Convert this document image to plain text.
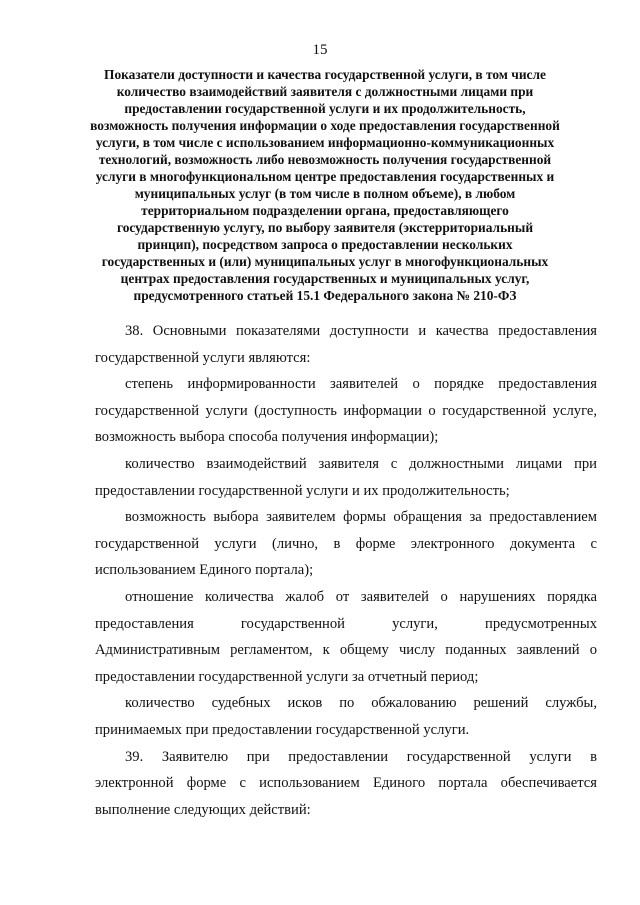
15
Показатели доступности и качества государственной услуги, в том числе
количество взаимодействий заявителя с должностными лицами при
предоставлении государственной услуги и их продолжительность,
возможность получения информации о ходе предоставления государственной
услуги, в том числе с использованием информационно-коммуникационных
технологий, возможность либо невозможность получения государственной
услуги в многофункциональном центре предоставления государственных и
муниципальных услуг (в том числе в полном объеме), в любом
территориальном подразделении органа, предоставляющего
государственную услугу, по выбору заявителя (экстерриториальный
принцип), посредством запроса о предоставлении нескольких
государственных и (или) муниципальных услуг в многофункциональных
центрах предоставления государственных и муниципальных услуг,
предусмотренного статьей 15.1 Федерального закона № 210-ФЗ

38. Основными показателями доступности и качества предоставления
государственной услуги являются:

степень информированности заявителей о порядке предоставления
государственной услуги (доступность информации о государственной услуге,
возможность выбора способа получения информации);

количество взаимодействий заявителя с должностными лицами при
предоставлении государственной услуги и их продолжительность;

возможность выбора заявителем формы обращения за предоставлением
государственной услуги (лично, в форме электронного документа с
использованием Единого портала);

отношение количества жалоб от заявителей о нарушениях порядка
предоставления государственной услуги, предусмотренных
Административным регламентом, к общему числу поданных заявлений о
предоставлении государственной услуги за отчетный период;

количество судебных исков по обжалованию решений службы,
принимаемых при предоставлении государственной услуги.

39. Заявителю при предоставлении государственной услуги в
электронной форме с использованием Единого портала обеспечивается
выполнение следующих действий:
